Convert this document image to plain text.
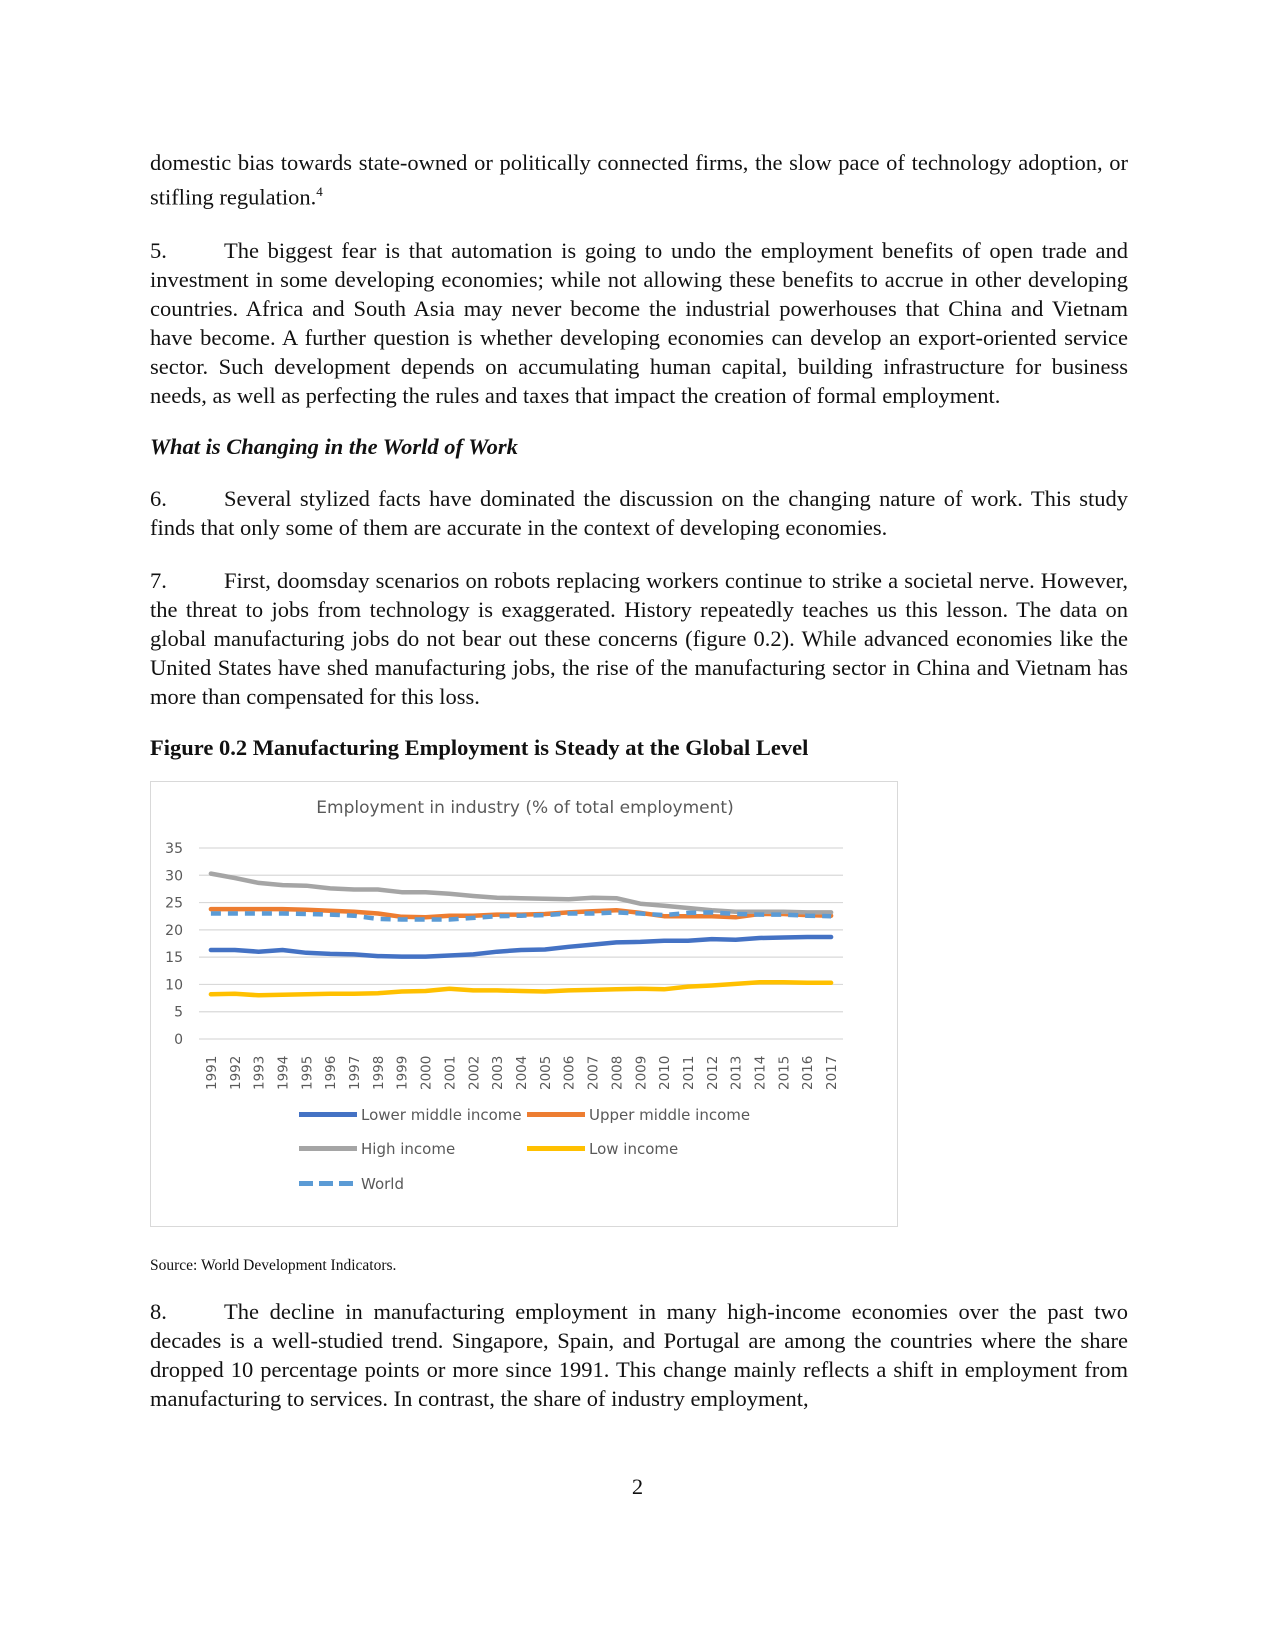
domestic bias towards state-owned or politically connected firms, the slow pace of technology adoption, or stifling regulation.$^4$

5.	The biggest fear is that automation is going to undo the employment benefits of open trade and investment in some developing economies; while not allowing these benefits to accrue in other developing countries. Africa and South Asia may never become the industrial powerhouses that China and Vietnam have become. A further question is whether developing economies can develop an export-oriented service sector. Such development depends on accumulating human capital, building infrastructure for business needs, as well as perfecting the rules and taxes that impact the creation of formal employment.

What is Changing in the World of Work

6.	Several stylized facts have dominated the discussion on the changing nature of work. This study finds that only some of them are accurate in the context of developing economies.

7.	First, doomsday scenarios on robots replacing workers continue to strike a societal nerve. However, the threat to jobs from technology is exaggerated. History repeatedly teaches us this lesson. The data on global manufacturing jobs do not bear out these concerns (figure 0.2). While advanced economies like the United States have shed manufacturing jobs, the rise of the manufacturing sector in China and Vietnam has more than compensated for this loss.

Figure 0.2 Manufacturing Employment is Steady at the Global Level
Employment in industry (% of total employment)
0
5
10
15
20
25
30
35
1991 1992 1993 1994 1995 1996 1997 1998 1999 2000 2001 2002 2003 2004 2005 2006 2007 2008 2009 2010 2011 2012 2013 2014 2015 2016 2017
Lower middle income	Upper middle income
High income	Low income
World
Source: World Development Indicators.

8.	The decline in manufacturing employment in many high-income economies over the past two decades is a well-studied trend. Singapore, Spain, and Portugal are among the countries where the share dropped 10 percentage points or more since 1991. This change mainly reflects a shift in employment from manufacturing to services. In contrast, the share of industry employment,

2
